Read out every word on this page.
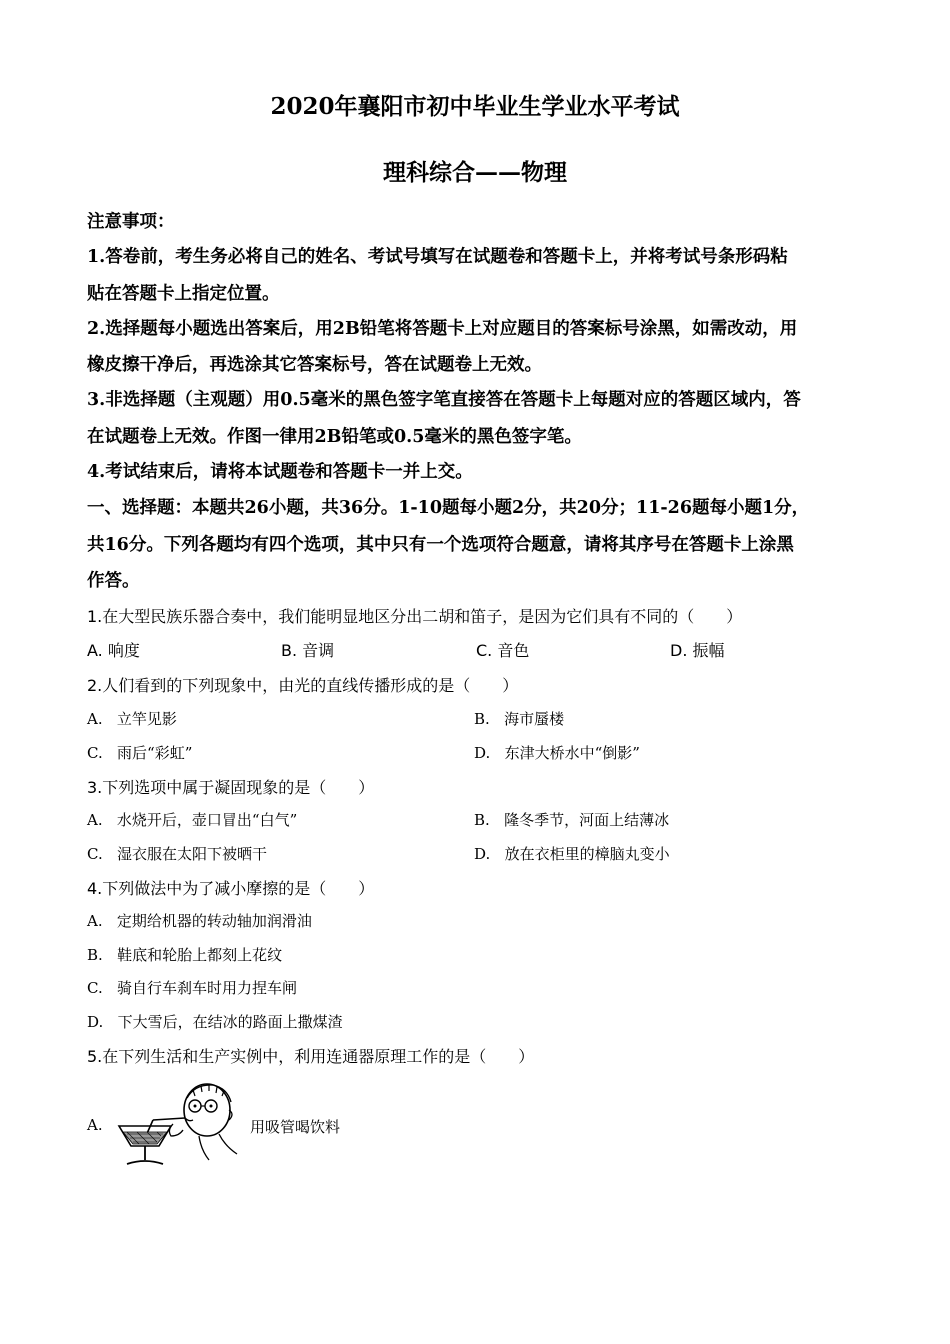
2020年襄阳市初中毕业生学业水平考试
理科综合——物理
注意事项：
1.答卷前，考生务必将自己的姓名、考试号填写在试题卷和答题卡上，并将考试号条形码粘
贴在答题卡上指定位置。
2.选择题每小题选出答案后，用2B铅笔将答题卡上对应题目的答案标号涂黑，如需改动，用
橡皮擦干净后，再选涂其它答案标号，答在试题卷上无效。
3.非选择题（主观题）用0.5毫米的黑色签字笔直接答在答题卡上每题对应的答题区域内，答
在试题卷上无效。作图一律用2B铅笔或0.5毫米的黑色签字笔。
4.考试结束后，请将本试题卷和答题卡一并上交。
一、选择题：本题共26小题，共36分。1-10题每小题2分，共20分；11-26题每小题1分，
共16分。下列各题均有四个选项，其中只有一个选项符合题意，请将其序号在答题卡上涂黑
作答。
1.在大型民族乐器合奏中，我们能明显地区分出二胡和笛子，是因为它们具有不同的（　　）
A. 响度	B. 音调	C. 音色	D. 振幅
2.人们看到的下列现象中，由光的直线传播形成的是（　　）
A. 立竿见影	B. 海市蜃楼
C. 雨后“彩虹”	D. 东津大桥水中“倒影”
3.下列选项中属于凝固现象的是（　　）
A. 水烧开后，壶口冒出“白气”	B. 隆冬季节，河面上结薄冰
C. 湿衣服在太阳下被晒干	D. 放在衣柜里的樟脑丸变小
4.下列做法中为了减小摩擦的是（　　）
A. 定期给机器的转动轴加润滑油
B. 鞋底和轮胎上都刻上花纹
C. 骑自行车刹车时用力捏车闸
D. 下大雪后，在结冰的路面上撒煤渣
5.在下列生活和生产实例中，利用连通器原理工作的是（　　）
A.	用吸管喝饮料
